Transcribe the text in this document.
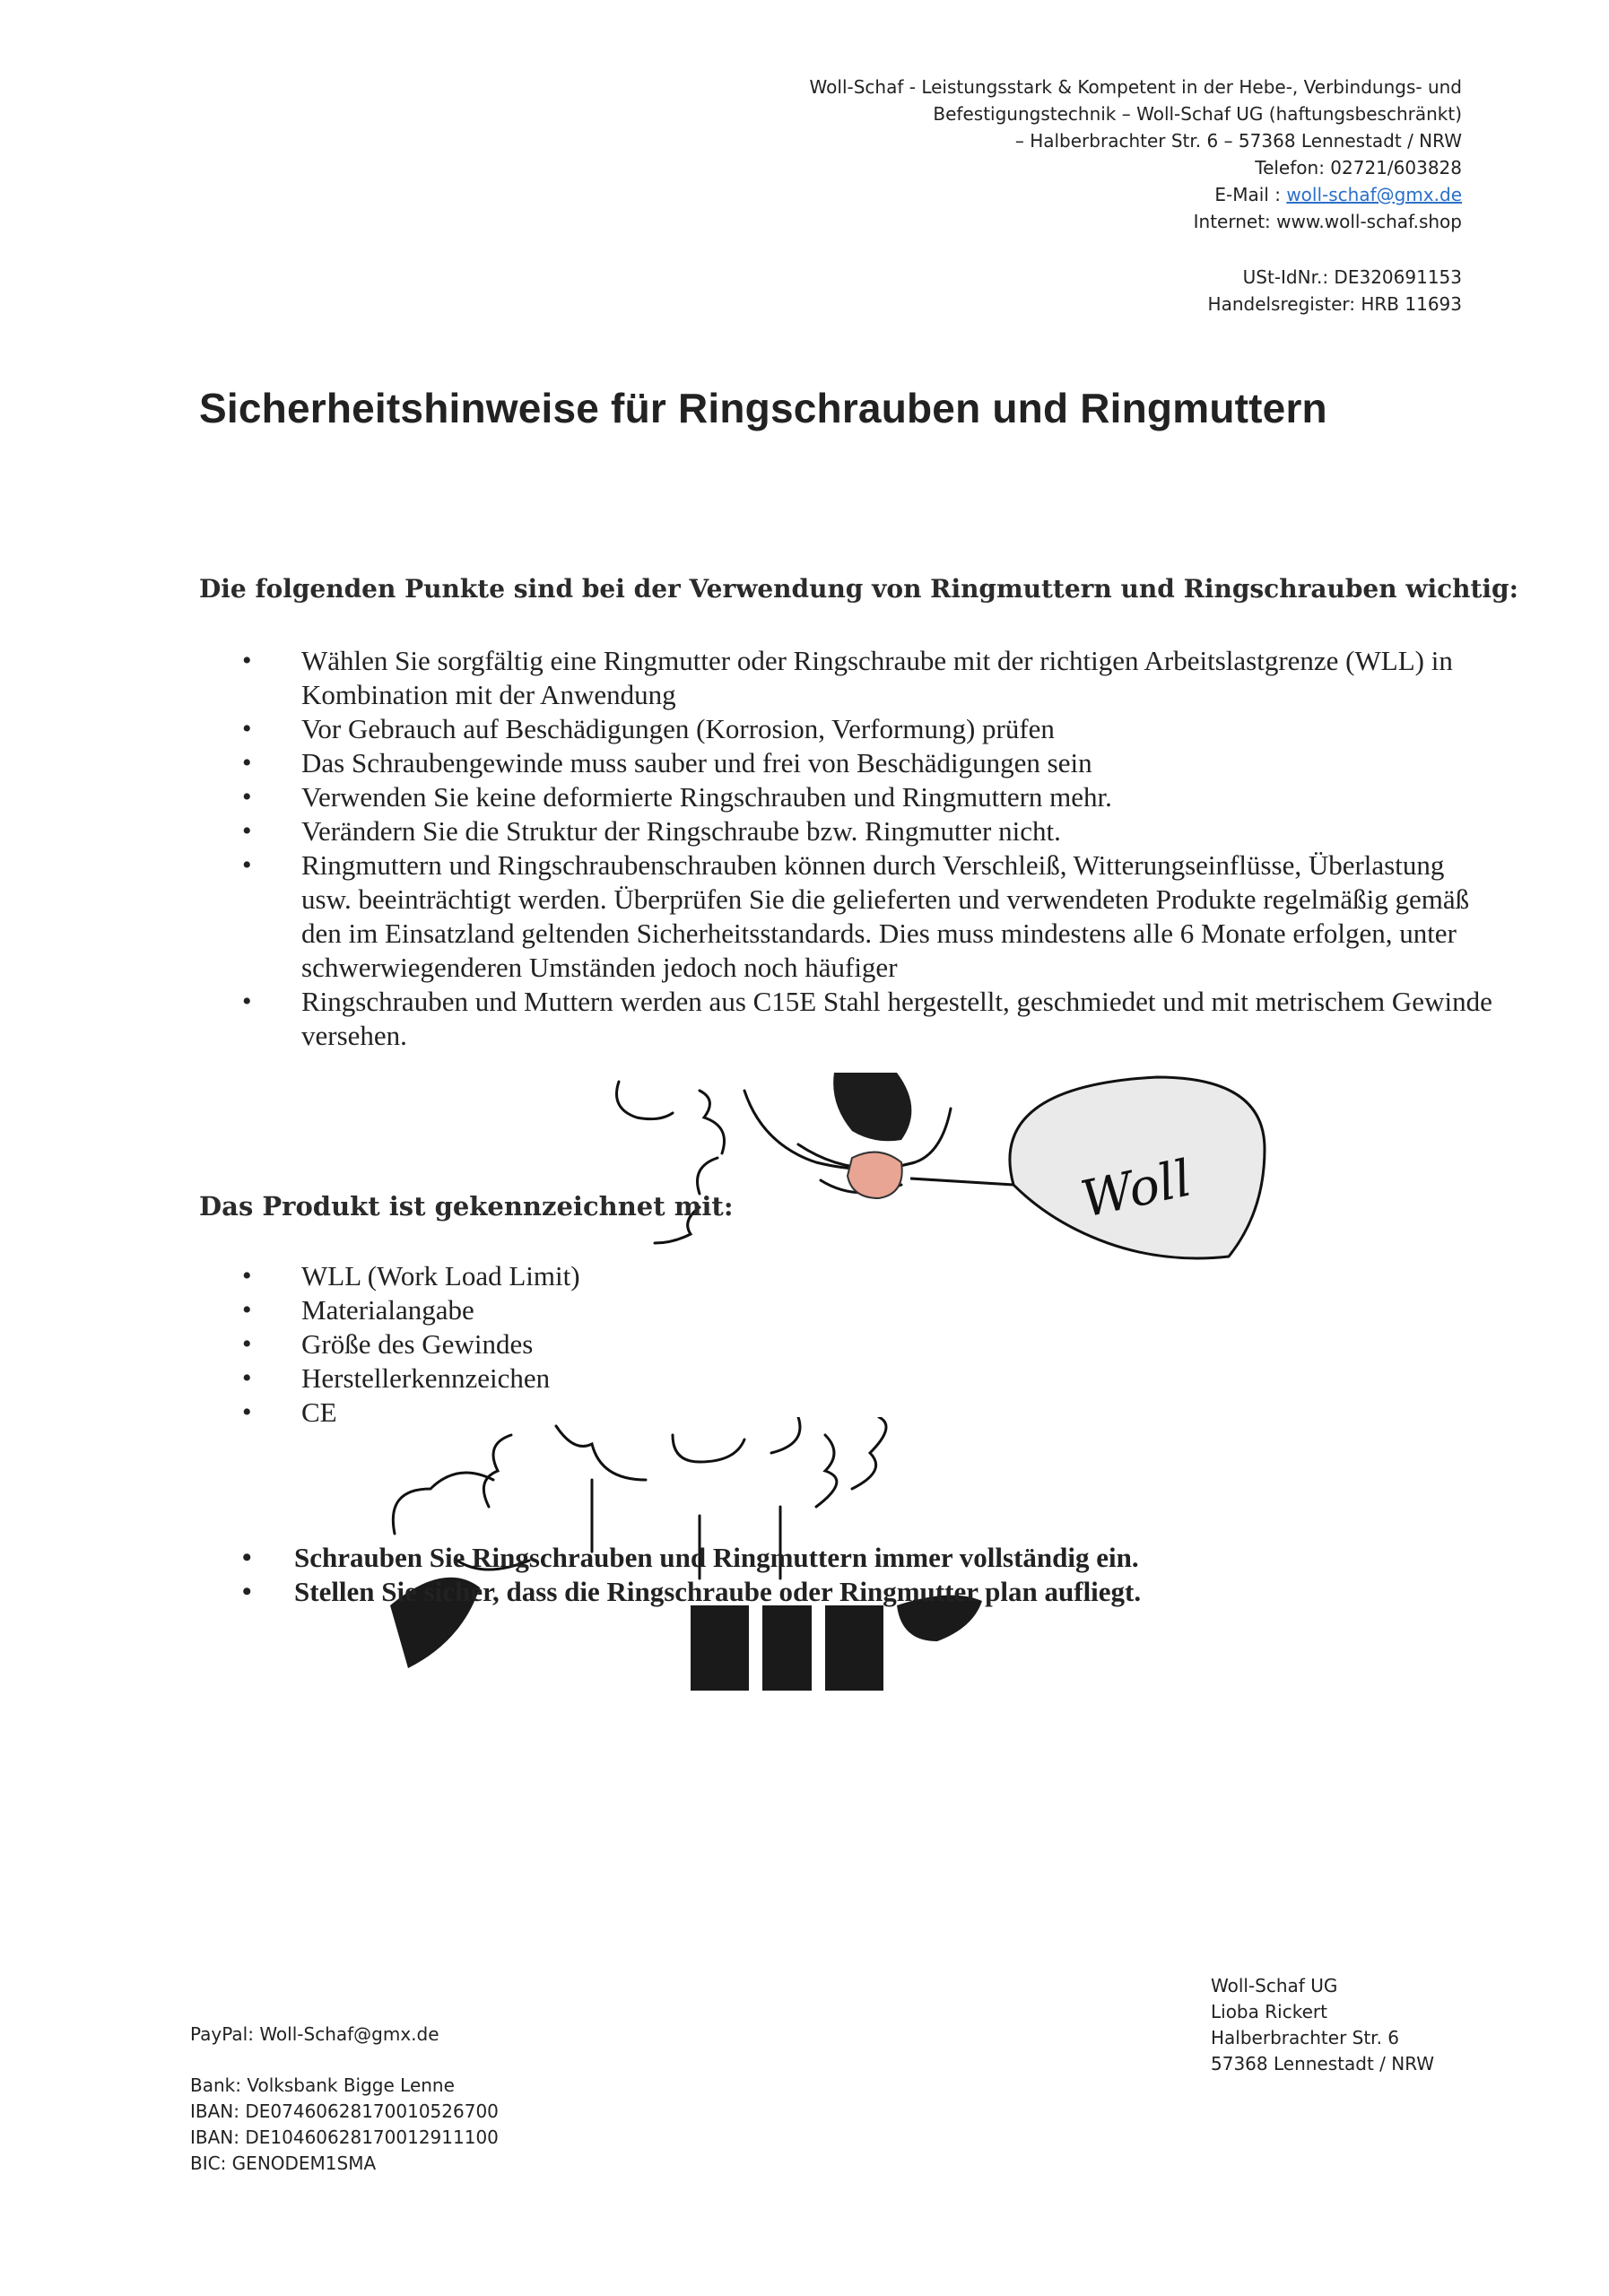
Woll-Schaf - Leistungsstark & Kompetent in der Hebe-, Verbindungs- und
Befestigungstechnik – Woll-Schaf UG (haftungsbeschränkt)
– Halberbrachter Str. 6 – 57368 Lennestadt / NRW
Telefon: 02721/603828
E-Mail : woll-schaf@gmx.de
Internet: www.woll-schaf.shop
USt-IdNr.: DE320691153
Handelsregister: HRB 11693
Sicherheitshinweise für Ringschrauben und Ringmuttern
Die folgenden Punkte sind bei der Verwendung von Ringmuttern und Ringschrauben wichtig:
• Wählen Sie sorgfältig eine Ringmutter oder Ringschraube mit der richtigen Arbeitslastgrenze (WLL) in Kombination mit der Anwendung
• Vor Gebrauch auf Beschädigungen (Korrosion, Verformung) prüfen
• Das Schraubengewinde muss sauber und frei von Beschädigungen sein
• Verwenden Sie keine deformierte Ringschrauben und Ringmuttern mehr.
• Verändern Sie die Struktur der Ringschraube bzw. Ringmutter nicht.
• Ringmuttern und Ringschraubenschrauben können durch Verschleiß, Witterungseinflüsse, Überlastung usw. beeinträchtigt werden. Überprüfen Sie die gelieferten und verwendeten Produkte regelmäßig gemäß den im Einsatzland geltenden Sicherheitsstandards. Dies muss mindestens alle 6 Monate erfolgen, unter schwerwiegenderen Umständen jedoch noch häufiger
• Ringschrauben und Muttern werden aus C15E Stahl hergestellt, geschmiedet und mit metrischem Gewinde versehen.
Woll
Das Produkt ist gekennzeichnet mit:
• WLL (Work Load Limit)
• Materialangabe
• Größe des Gewindes
• Herstellerkennzeichen
• CE
• Schrauben Sie Ringschrauben und Ringmuttern immer vollständig ein.
• Stellen Sie sicher, dass die Ringschraube oder Ringmutter plan aufliegt.
PayPal: Woll-Schaf@gmx.de
Bank: Volksbank Bigge Lenne
IBAN: DE07460628170010526700
IBAN: DE10460628170012911100
BIC: GENODEM1SMA
Woll-Schaf UG
Lioba Rickert
Halberbrachter Str. 6
57368 Lennestadt / NRW
